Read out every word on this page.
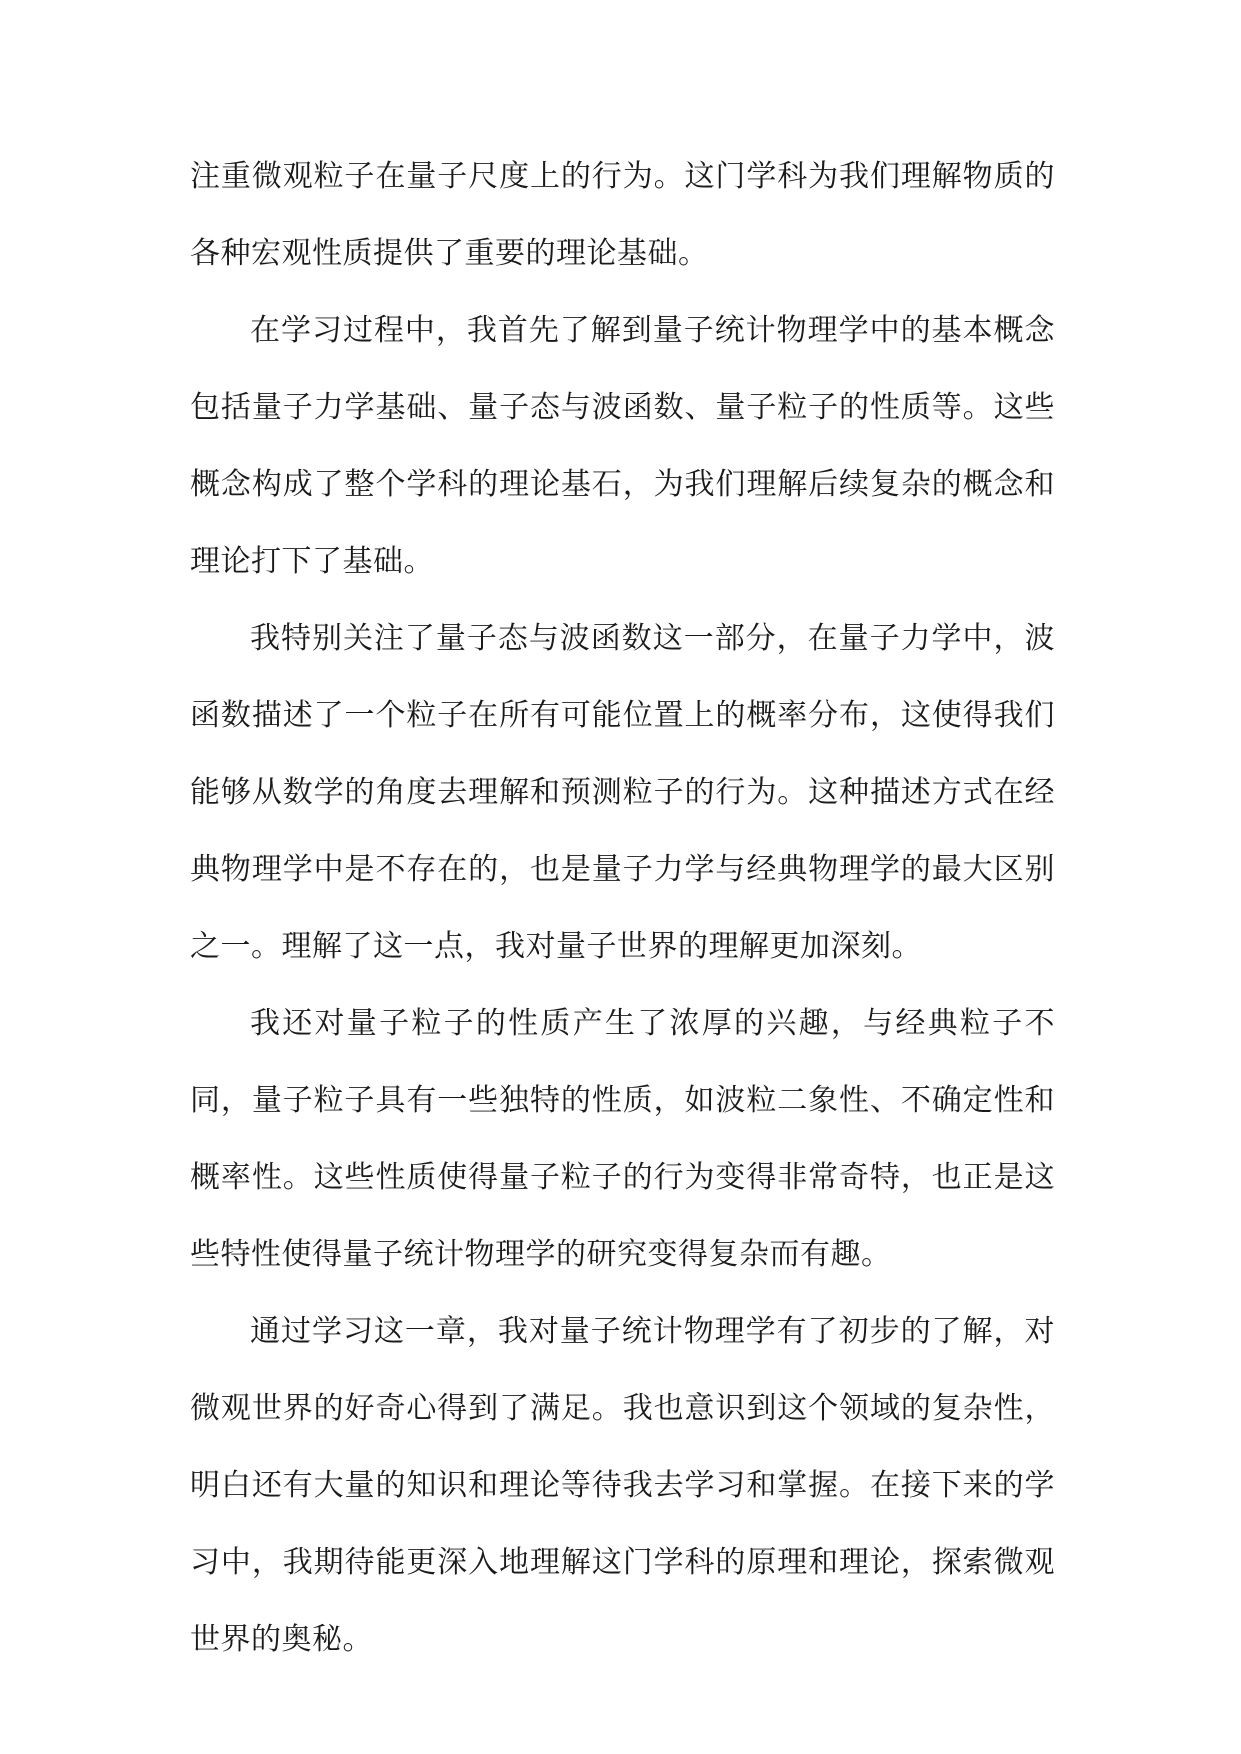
注重微观粒子在量子尺度上的行为。这门学科为我们理解物质的各种宏观性质提供了重要的理论基础。

在学习过程中，我首先了解到量子统计物理学中的基本概念包括量子力学基础、量子态与波函数、量子粒子的性质等。这些概念构成了整个学科的理论基石，为我们理解后续复杂的概念和理论打下了基础。

我特别关注了量子态与波函数这一部分，在量子力学中，波函数描述了一个粒子在所有可能位置上的概率分布，这使得我们能够从数学的角度去理解和预测粒子的行为。这种描述方式在经典物理学中是不存在的，也是量子力学与经典物理学的最大区别之一。理解了这一点，我对量子世界的理解更加深刻。

我还对量子粒子的性质产生了浓厚的兴趣，与经典粒子不同，量子粒子具有一些独特的性质，如波粒二象性、不确定性和概率性。这些性质使得量子粒子的行为变得非常奇特，也正是这些特性使得量子统计物理学的研究变得复杂而有趣。

通过学习这一章，我对量子统计物理学有了初步的了解，对微观世界的好奇心得到了满足。我也意识到这个领域的复杂性，明白还有大量的知识和理论等待我去学习和掌握。在接下来的学习中，我期待能更深入地理解这门学科的原理和理论，探索微观世界的奥秘。
